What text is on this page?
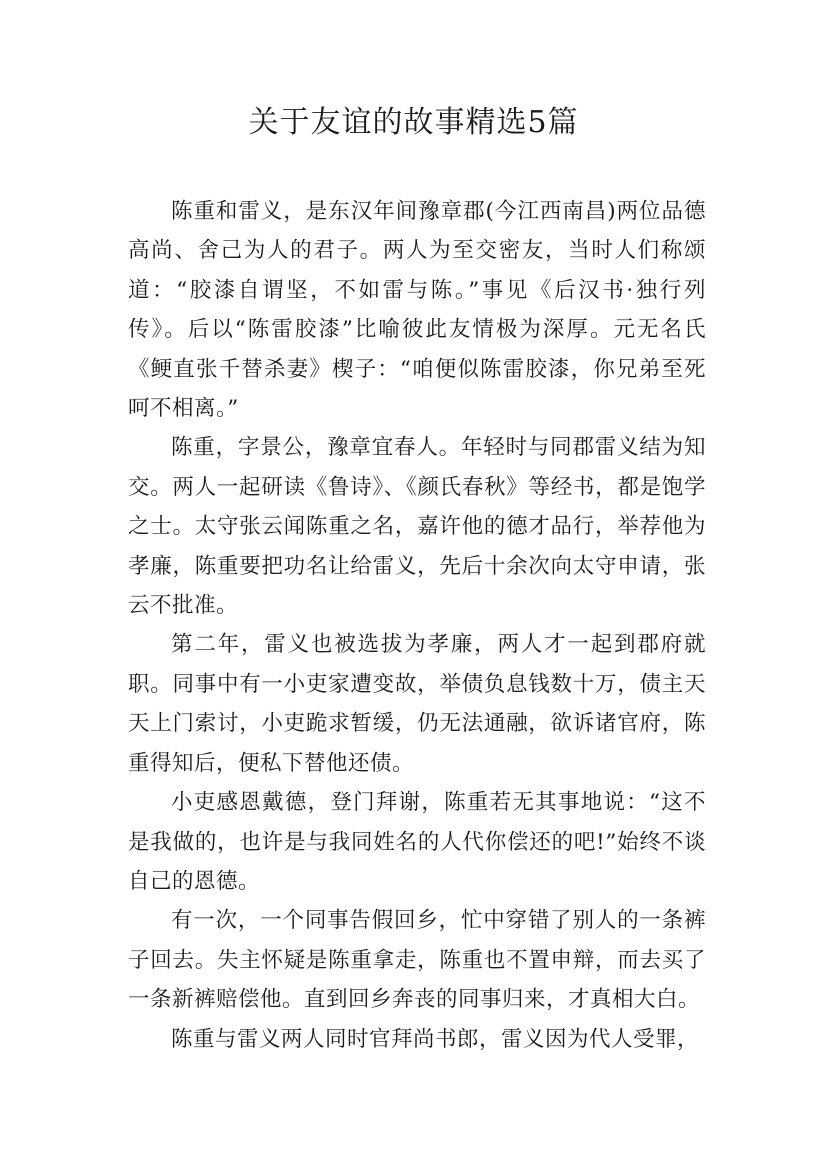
关于友谊的故事精选5篇

陈重和雷义，是东汉年间豫章郡(今江西南昌)两位品德高尚、舍己为人的君子。两人为至交密友，当时人们称颂道：“胶漆自谓坚，不如雷与陈。”事见《后汉书·独行列传》。后以“陈雷胶漆”比喻彼此友情极为深厚。元无名氏《鲠直张千替杀妻》楔子：“咱便似陈雷胶漆，你兄弟至死呵不相离。”

陈重，字景公，豫章宜春人。年轻时与同郡雷义结为知交。两人一起研读《鲁诗》、《颜氏春秋》等经书，都是饱学之士。太守张云闻陈重之名，嘉许他的德才品行，举荐他为孝廉，陈重要把功名让给雷义，先后十余次向太守申请，张云不批准。

第二年，雷义也被选拔为孝廉，两人才一起到郡府就职。同事中有一小吏家遭变故，举债负息钱数十万，债主天天上门索讨，小吏跪求暂缓，仍无法通融，欲诉诸官府，陈重得知后，便私下替他还债。

小吏感恩戴德，登门拜谢，陈重若无其事地说：“这不是我做的，也许是与我同姓名的人代你偿还的吧!”始终不谈自己的恩德。

有一次，一个同事告假回乡，忙中穿错了别人的一条裤子回去。失主怀疑是陈重拿走，陈重也不置申辩，而去买了一条新裤赔偿他。直到回乡奔丧的同事归来，才真相大白。

陈重与雷义两人同时官拜尚书郎，雷义因为代人受罪，
